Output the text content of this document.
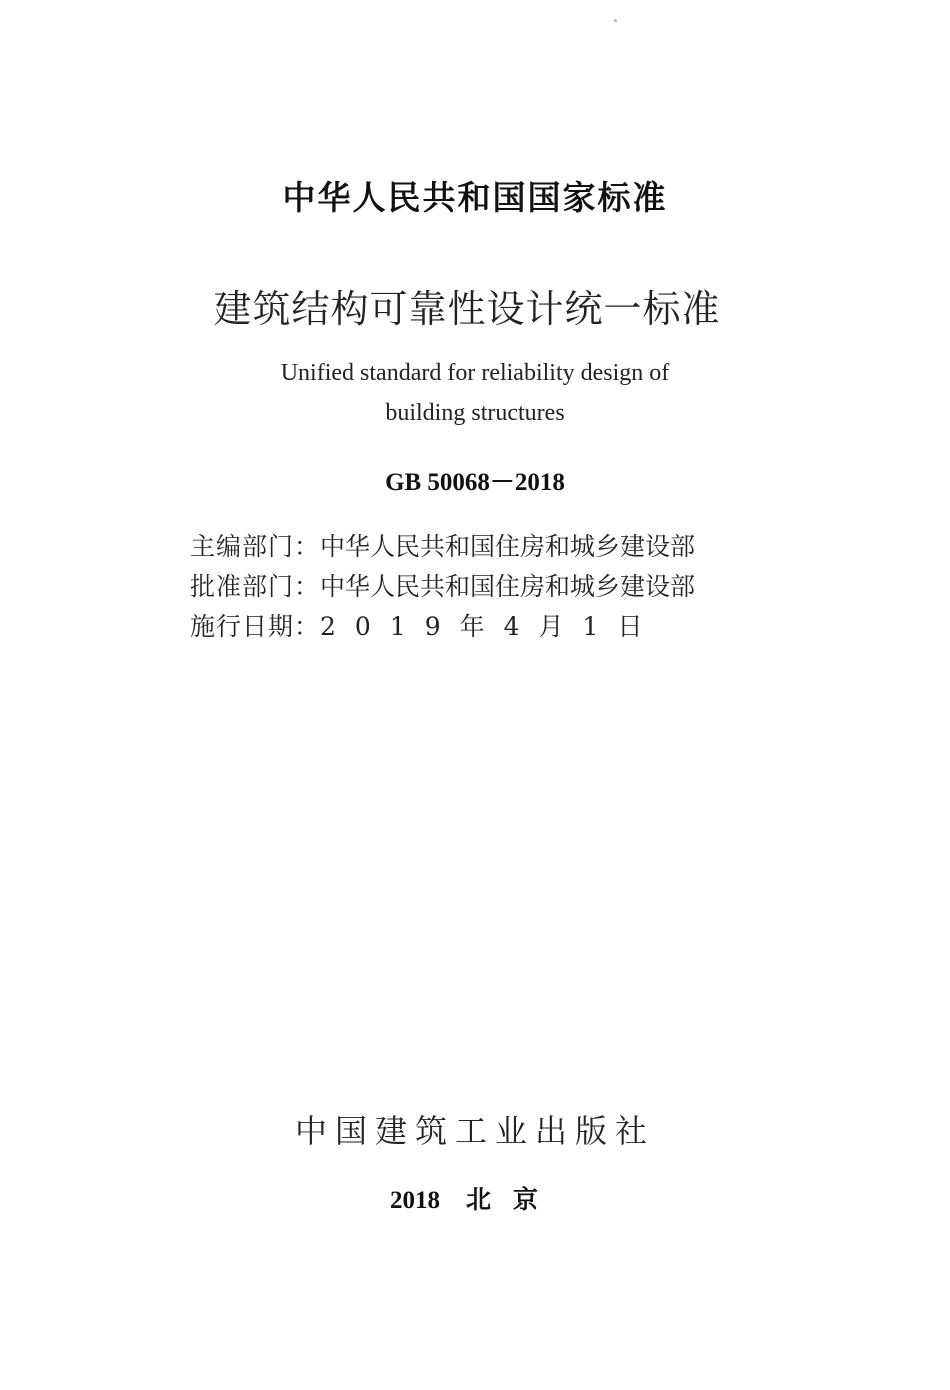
中华人民共和国国家标准
建筑结构可靠性设计统一标准
Unified standard for reliability design of
building structures
GB 50068－2018
主编部门：中华人民共和国住房和城乡建设部
批准部门：中华人民共和国住房和城乡建设部
施行日期：2019年4月1日
中国建筑工业出版社
2018 北京
